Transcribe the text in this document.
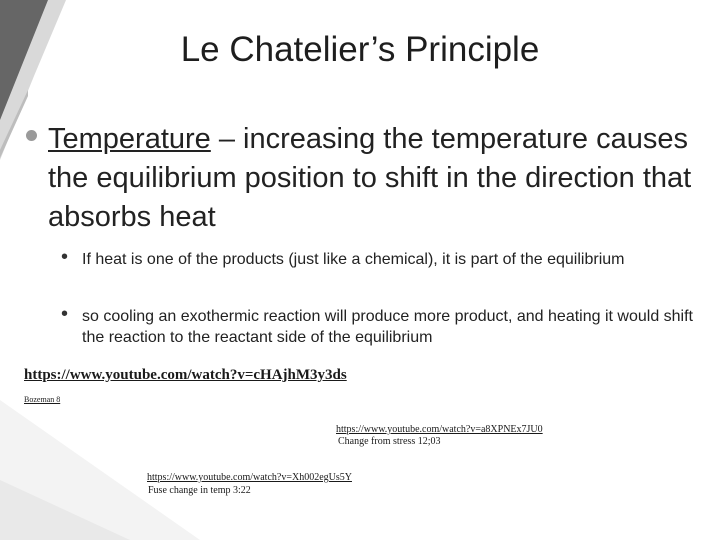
Le Chatelier’s Principle
Temperature – increasing the temperature causes the equilibrium position to shift in the direction that absorbs heat
• If heat is one of the products (just like a chemical), it is part of the equilibrium
• so cooling an exothermic reaction will produce more product, and heating it would shift the reaction to the reactant side of the equilibrium
https://www.youtube.com/watch?v=cHAjhM3y3ds
Bozeman 8
https://www.youtube.com/watch?v=a8XPNEx7JU0
Change from stress 12;03
https://www.youtube.com/watch?v=Xh002egUs5Y
Fuse change in temp 3:22
